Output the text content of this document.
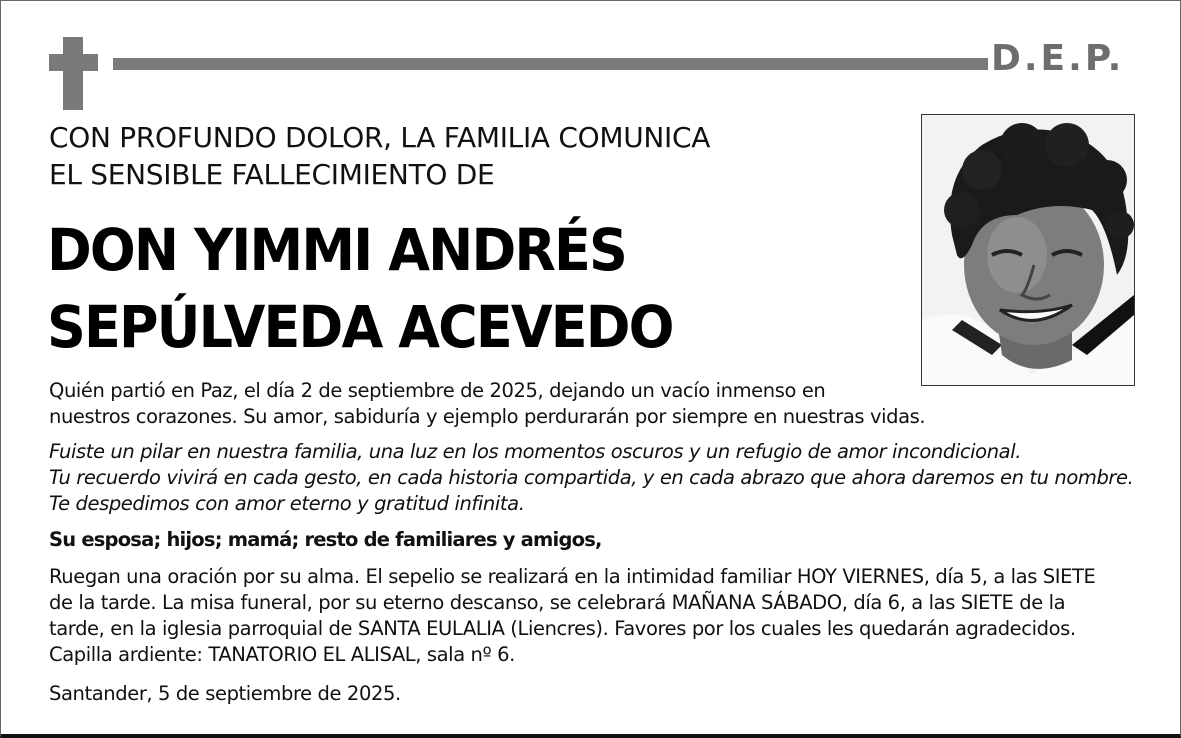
D.E.P.
CON PROFUNDO DOLOR, LA FAMILIA COMUNICA
EL SENSIBLE FALLECIMIENTO DE
DON YIMMI ANDRÉS
SEPÚLVEDA ACEVEDO
Quién partió en Paz, el día 2 de septiembre de 2025, dejando un vacío inmenso en
nuestros corazones. Su amor, sabiduría y ejemplo perdurarán por siempre en nuestras vidas.
Fuiste un pilar en nuestra familia, una luz en los momentos oscuros y un refugio de amor incondicional.
Tu recuerdo vivirá en cada gesto, en cada historia compartida, y en cada abrazo que ahora daremos en tu nombre.
Te despedimos con amor eterno y gratitud infinita.
Su esposa; hijos; mamá; resto de familiares y amigos,
Ruegan una oración por su alma. El sepelio se realizará en la intimidad familiar HOY VIERNES, día 5, a las SIETE
de la tarde. La misa funeral, por su eterno descanso, se celebrará MAÑANA SÁBADO, día 6, a las SIETE de la
tarde, en la iglesia parroquial de SANTA EULALIA (Liencres). Favores por los cuales les quedarán agradecidos.
Capilla ardiente: TANATORIO EL ALISAL, sala nº 6.
Santander, 5 de septiembre de 2025.
